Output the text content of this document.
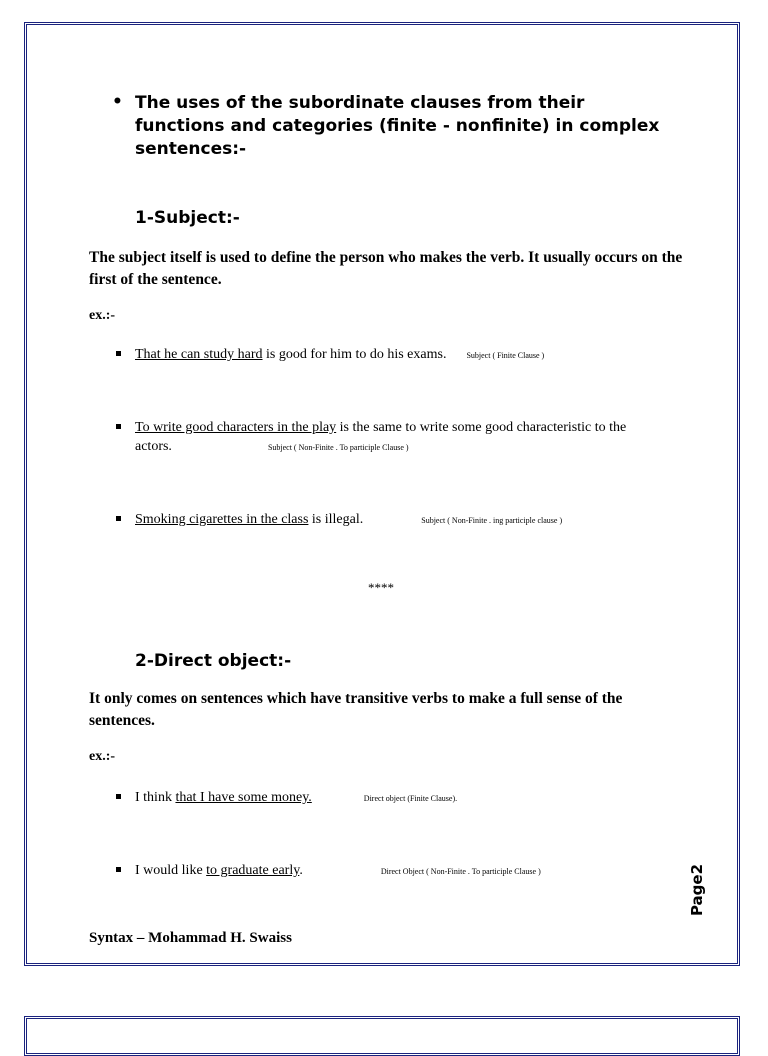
• The uses of the subordinate clauses from their functions and categories (finite - nonfinite) in complex sentences:-
1-Subject:-
The subject itself is used to define the person who makes the verb. It usually occurs on the first of the sentence.
ex.:-
That he can study hard is good for him to do his exams.	Subject ( Finite Clause )
To write good characters in the play is the same to write some good characteristic to the actors.	Subject ( Non-Finite . To participle Clause )
Smoking cigarettes in the class is illegal.	Subject ( Non-Finite . ing participle clause )
****
2-Direct object:-
It only comes on sentences which have transitive verbs to make a full sense of the sentences.
ex.:-
I think that I have some money.	Direct object (Finite Clause).
I would like to graduate early.	Direct Object ( Non-Finite . To participle Clause )	Page2
Syntax – Mohammad H. Swaiss
